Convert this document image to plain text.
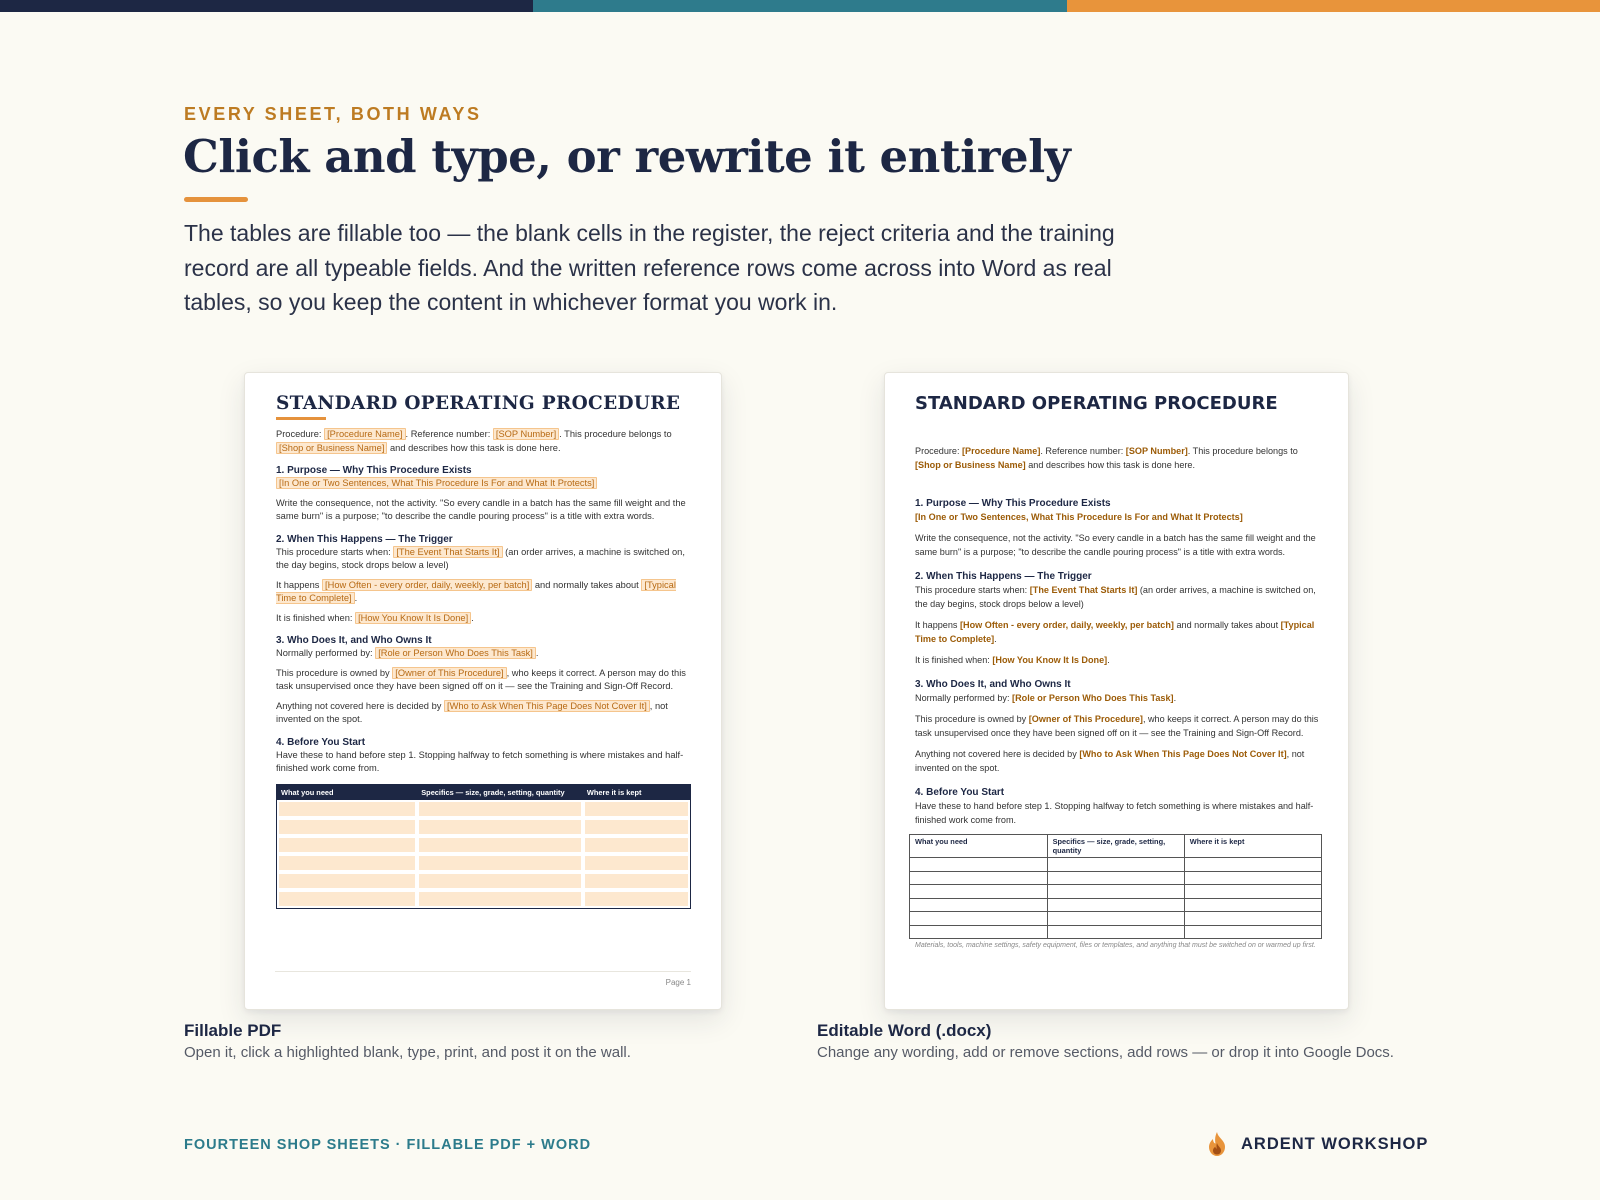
EVERY SHEET, BOTH WAYS
Click and type, or rewrite it entirely

The tables are fillable too — the blank cells in the register, the reject criteria and the training record are all typeable fields. And the written reference rows come across into Word as real tables, so you keep the content in whichever format you work in.

STANDARD OPERATING PROCEDURE

Procedure: [Procedure Name] . Reference number: [SOP Number] . This procedure belongs to [Shop or Business Name] and describes how this task is done here.

1. Purpose — Why This Procedure Exists

[In One or Two Sentences, What This Procedure Is For and What It Protects]

Write the consequence, not the activity. "So every candle in a batch has the same fill weight and the same burn" is a purpose; "to describe the candle pouring process" is a title with extra words.

2. When This Happens — The Trigger

This procedure starts when: [The Event That Starts It] (an order arrives, a machine is switched on, the day begins, stock drops below a level)

It happens [How Often - every order, daily, weekly, per batch] and normally takes about [Typical Time to Complete] .

It is finished when: [How You Know It Is Done] .

3. Who Does It, and Who Owns It

Normally performed by: [Role or Person Who Does This Task] .

This procedure is owned by [Owner of This Procedure] , who keeps it correct. A person may do this task unsupervised once they have been signed off on it — see the Training and Sign-Off Record.

Anything not covered here is decided by [Who to Ask When This Page Does Not Cover It] , not invented on the spot.

4. Before You Start

Have these to hand before step 1. Stopping halfway to fetch something is where mistakes and half-finished work come from.

What you need	Specifics — size, grade, setting, quantity	Where it is kept

Page 1
STANDARD OPERATING PROCEDURE

Procedure: [Procedure Name]. Reference number: [SOP Number]. This procedure belongs to [Shop or Business Name] and describes how this task is done here.

1. Purpose — Why This Procedure Exists

[In One or Two Sentences, What This Procedure Is For and What It Protects]

Write the consequence, not the activity. "So every candle in a batch has the same fill weight and the same burn" is a purpose; "to describe the candle pouring process" is a title with extra words.

2. When This Happens — The Trigger

This procedure starts when: [The Event That Starts It] (an order arrives, a machine is switched on, the day begins, stock drops below a level)

It happens [How Often - every order, daily, weekly, per batch] and normally takes about [Typical Time to Complete].

It is finished when: [How You Know It Is Done].

3. Who Does It, and Who Owns It

Normally performed by: [Role or Person Who Does This Task].

This procedure is owned by [Owner of This Procedure], who keeps it correct. A person may do this task unsupervised once they have been signed off on it — see the Training and Sign-Off Record.

Anything not covered here is decided by [Who to Ask When This Page Does Not Cover It], not invented on the spot.

4. Before You Start

Have these to hand before step 1. Stopping halfway to fetch something is where mistakes and half-finished work come from.

What you need	Specifics — size, grade, setting, quantity	Where it is kept

Materials, tools, machine settings, safety equipment, files or templates, and anything that must be switched on or warmed up first.
Fillable PDF
Open it, click a highlighted blank, type, print, and post it on the wall.
Editable Word (.docx)
Change any wording, add or remove sections, add rows — or drop it into Google Docs.
FOURTEEN SHOP SHEETS · FILLABLE PDF + WORD	ARDENT WORKSHOP
